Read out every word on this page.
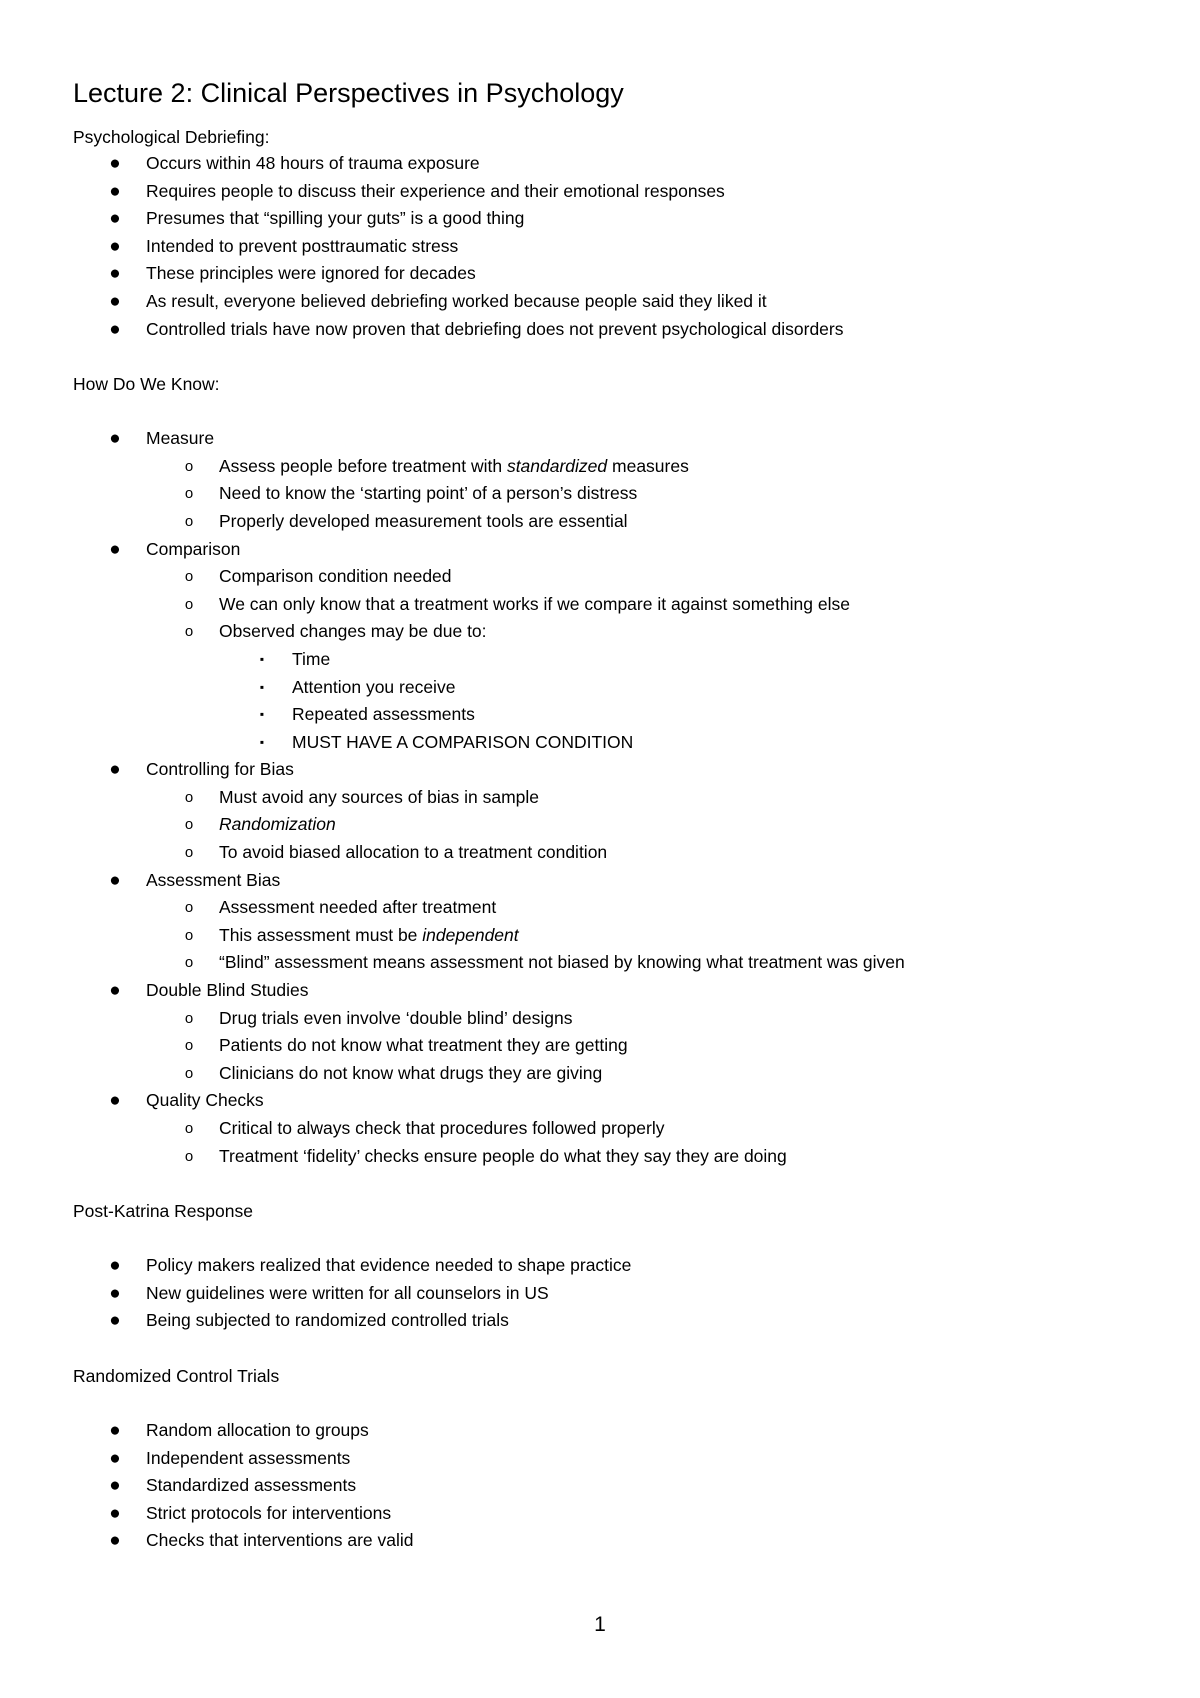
Lecture 2: Clinical Perspectives in Psychology
Psychological Debriefing:
● Occurs within 48 hours of trauma exposure
● Requires people to discuss their experience and their emotional responses
● Presumes that “spilling your guts” is a good thing
● Intended to prevent posttraumatic stress
● These principles were ignored for decades
● As result, everyone believed debriefing worked because people said they liked it
● Controlled trials have now proven that debriefing does not prevent psychological disorders
How Do We Know:
● Measure
o Assess people before treatment with standardized measures
o Need to know the ‘starting point’ of a person’s distress
o Properly developed measurement tools are essential
● Comparison
o Comparison condition needed
o We can only know that a treatment works if we compare it against something else
o Observed changes may be due to:
▪ Time
▪ Attention you receive
▪ Repeated assessments
▪ MUST HAVE A COMPARISON CONDITION
● Controlling for Bias
o Must avoid any sources of bias in sample
o Randomization
o To avoid biased allocation to a treatment condition
● Assessment Bias
o Assessment needed after treatment
o This assessment must be independent
o “Blind” assessment means assessment not biased by knowing what treatment was given
● Double Blind Studies
o Drug trials even involve ‘double blind’ designs
o Patients do not know what treatment they are getting
o Clinicians do not know what drugs they are giving
● Quality Checks
o Critical to always check that procedures followed properly
o Treatment ‘fidelity’ checks ensure people do what they say they are doing
Post-Katrina Response
● Policy makers realized that evidence needed to shape practice
● New guidelines were written for all counselors in US
● Being subjected to randomized controlled trials
Randomized Control Trials
● Random allocation to groups
● Independent assessments
● Standardized assessments
● Strict protocols for interventions
● Checks that interventions are valid
1
